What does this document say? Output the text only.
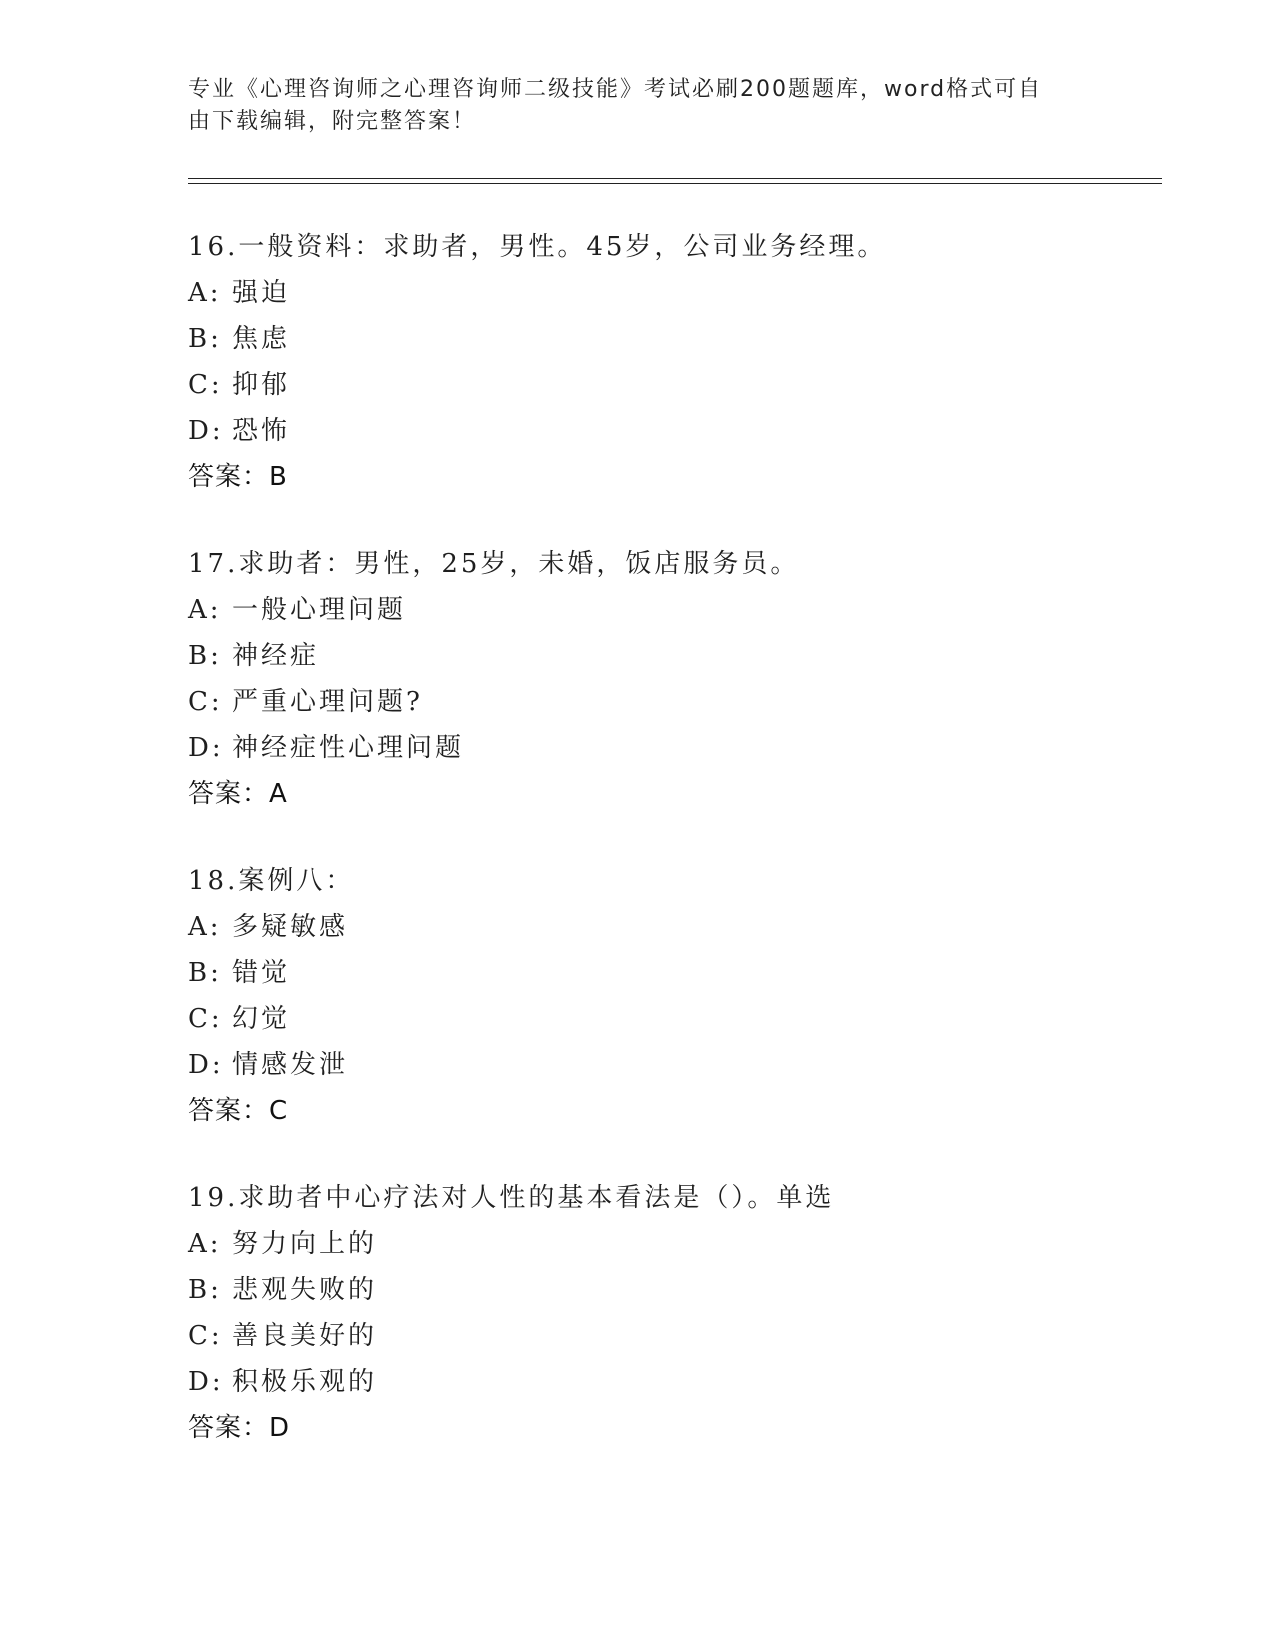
专业《心理咨询师之心理咨询师二级技能》考试必刷200题题库，word格式可自
由下载编辑，附完整答案！
16.一般资料：求助者，男性。45岁，公司业务经理。
A: 强迫
B: 焦虑
C: 抑郁
D: 恐怖
答案：B
17.求助者：男性，25岁，未婚，饭店服务员。
A: 一般心理问题
B: 神经症
C: 严重心理问题?
D: 神经症性心理问题
答案：A
18.案例八：
A: 多疑敏感
B: 错觉
C: 幻觉
D: 情感发泄
答案：C
19.求助者中心疗法对人性的基本看法是（）。单选
A: 努力向上的
B: 悲观失败的
C: 善良美好的
D: 积极乐观的
答案：D
